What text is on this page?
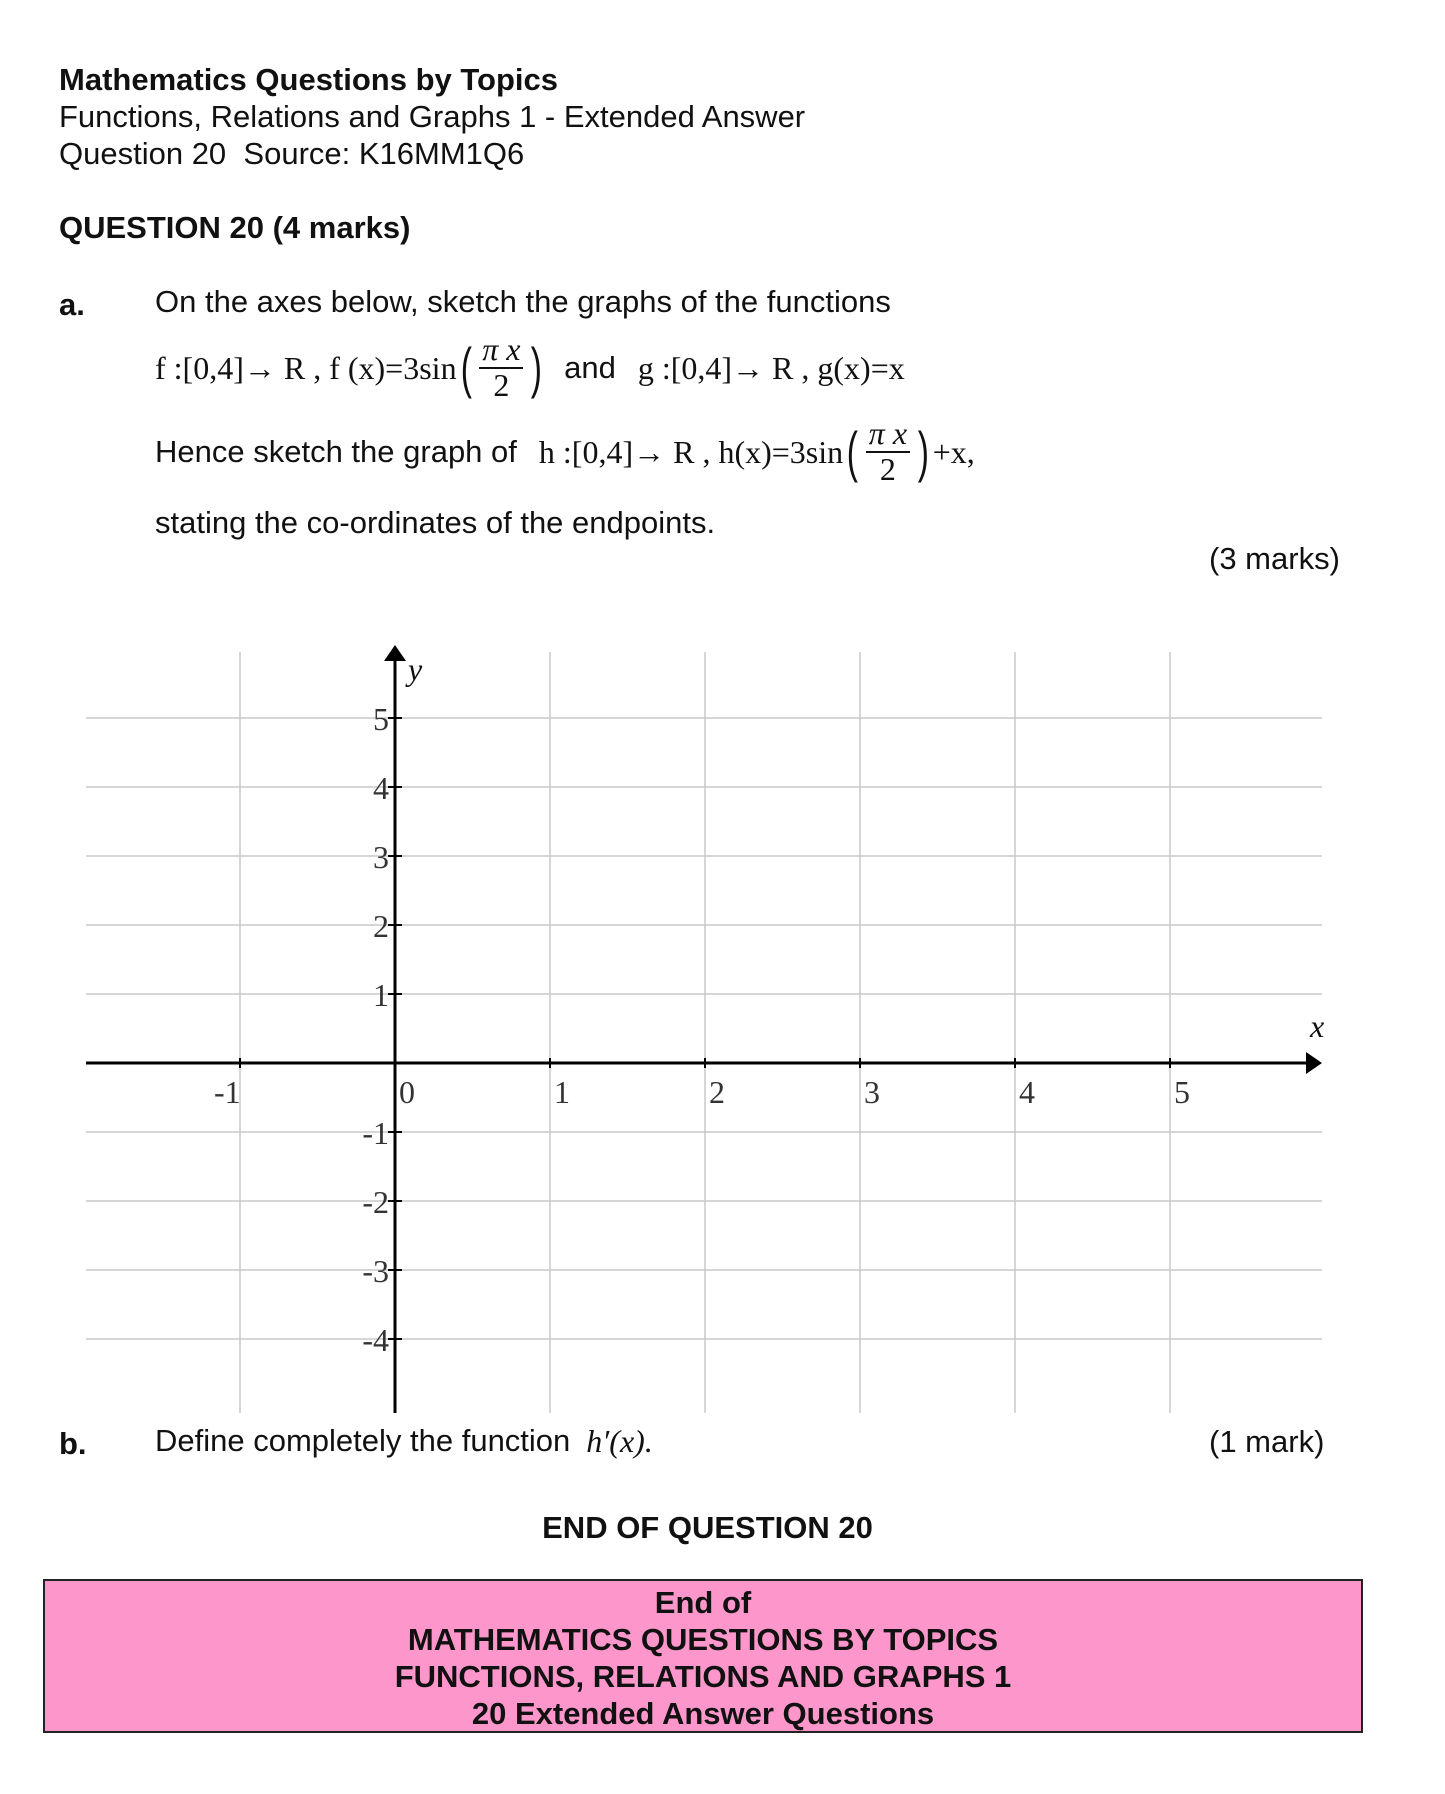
Mathematics Questions by Topics
Functions, Relations and Graphs 1 - Extended Answer
Question 20 Source: K16MM1Q6
QUESTION 20 (4 marks)
a. On the axes below, sketch the graphs of the functions
f :[0,4]→ R , f (x)=3sin ( $\frac{\text{π x}}{2}$ ) and g :[0,4]→ R , g(x)=x
Hence sketch the graph of h :[0,4]→ R , h(x)=3sin ( $\frac{\text{π x}}{2}$ ) +x,
stating the co-ordinates of the endpoints.
(3 marks)
x
y
-1	0	1	2	3	4	5
5
4
3
2
1
-1
-2
-3
-4
b. Define completely the function h′(x).	(1 mark)
END OF QUESTION 20
End of
MATHEMATICS QUESTIONS BY TOPICS
FUNCTIONS, RELATIONS AND GRAPHS 1
20 Extended Answer Questions
